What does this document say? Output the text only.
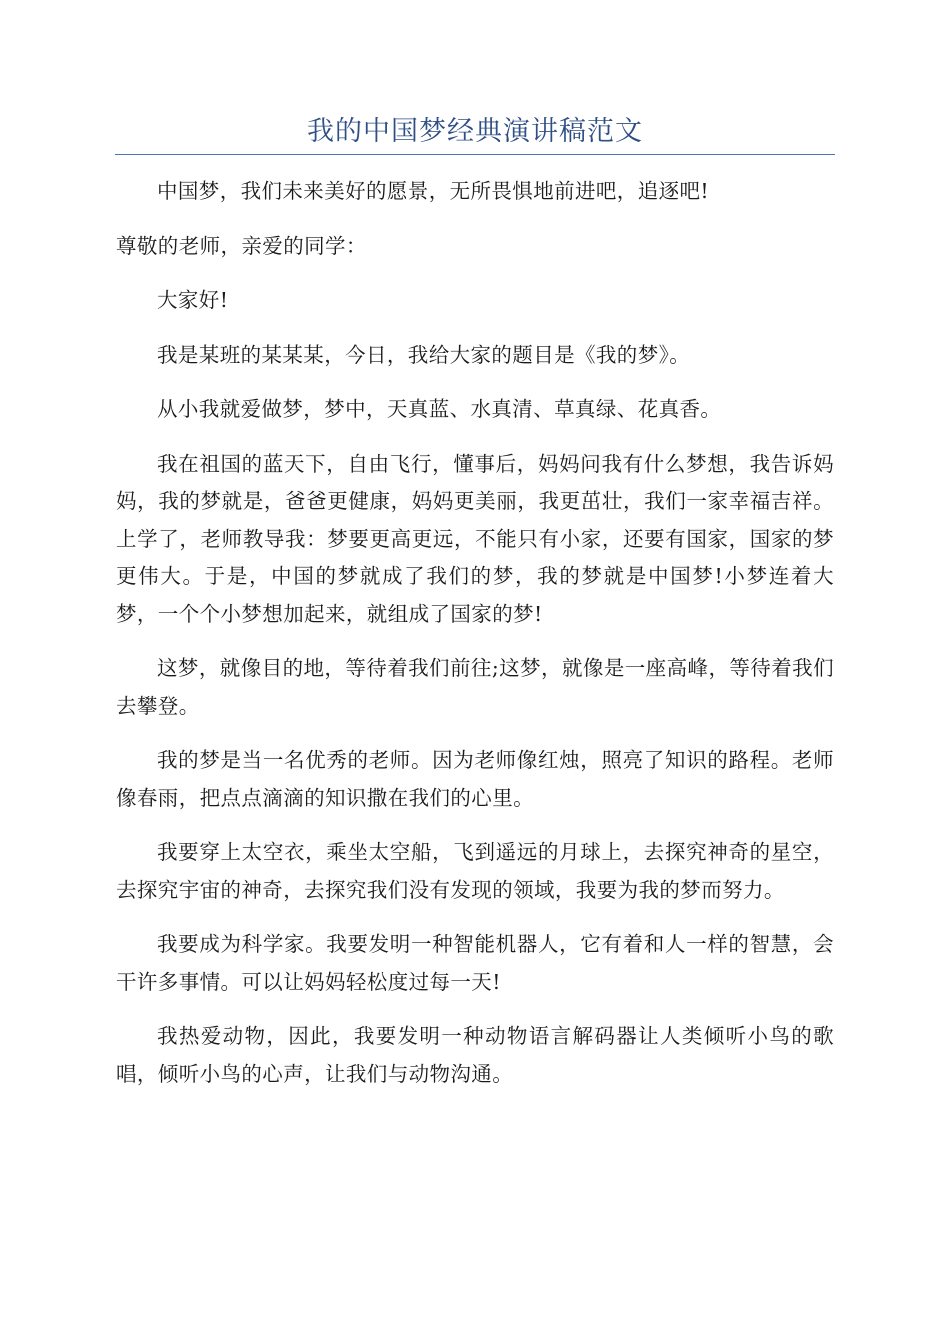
我的中国梦经典演讲稿范文

中国梦，我们未来美好的愿景，无所畏惧地前进吧，追逐吧!

尊敬的老师，亲爱的同学：

大家好!

我是某班的某某某，今日，我给大家的题目是《我的梦》。

从小我就爱做梦，梦中，天真蓝、水真清、草真绿、花真香。

我在祖国的蓝天下，自由飞行，懂事后，妈妈问我有什么梦想，我告诉妈妈，我的梦就是，爸爸更健康，妈妈更美丽，我更茁壮，我们一家幸福吉祥。上学了，老师教导我：梦要更高更远，不能只有小家，还要有国家，国家的梦更伟大。于是，中国的梦就成了我们的梦，我的梦就是中国梦!小梦连着大梦，一个个小梦想加起来，就组成了国家的梦!

这梦，就像目的地，等待着我们前往;这梦，就像是一座高峰，等待着我们去攀登。

我的梦是当一名优秀的老师。因为老师像红烛，照亮了知识的路程。老师像春雨，把点点滴滴的知识撒在我们的心里。

我要穿上太空衣，乘坐太空船，飞到遥远的月球上，去探究神奇的星空，去探究宇宙的神奇，去探究我们没有发现的领域，我要为我的梦而努力。

我要成为科学家。我要发明一种智能机器人，它有着和人一样的智慧，会干许多事情。可以让妈妈轻松度过每一天!

我热爱动物，因此，我要发明一种动物语言解码器让人类倾听小鸟的歌唱，倾听小鸟的心声，让我们与动物沟通。
